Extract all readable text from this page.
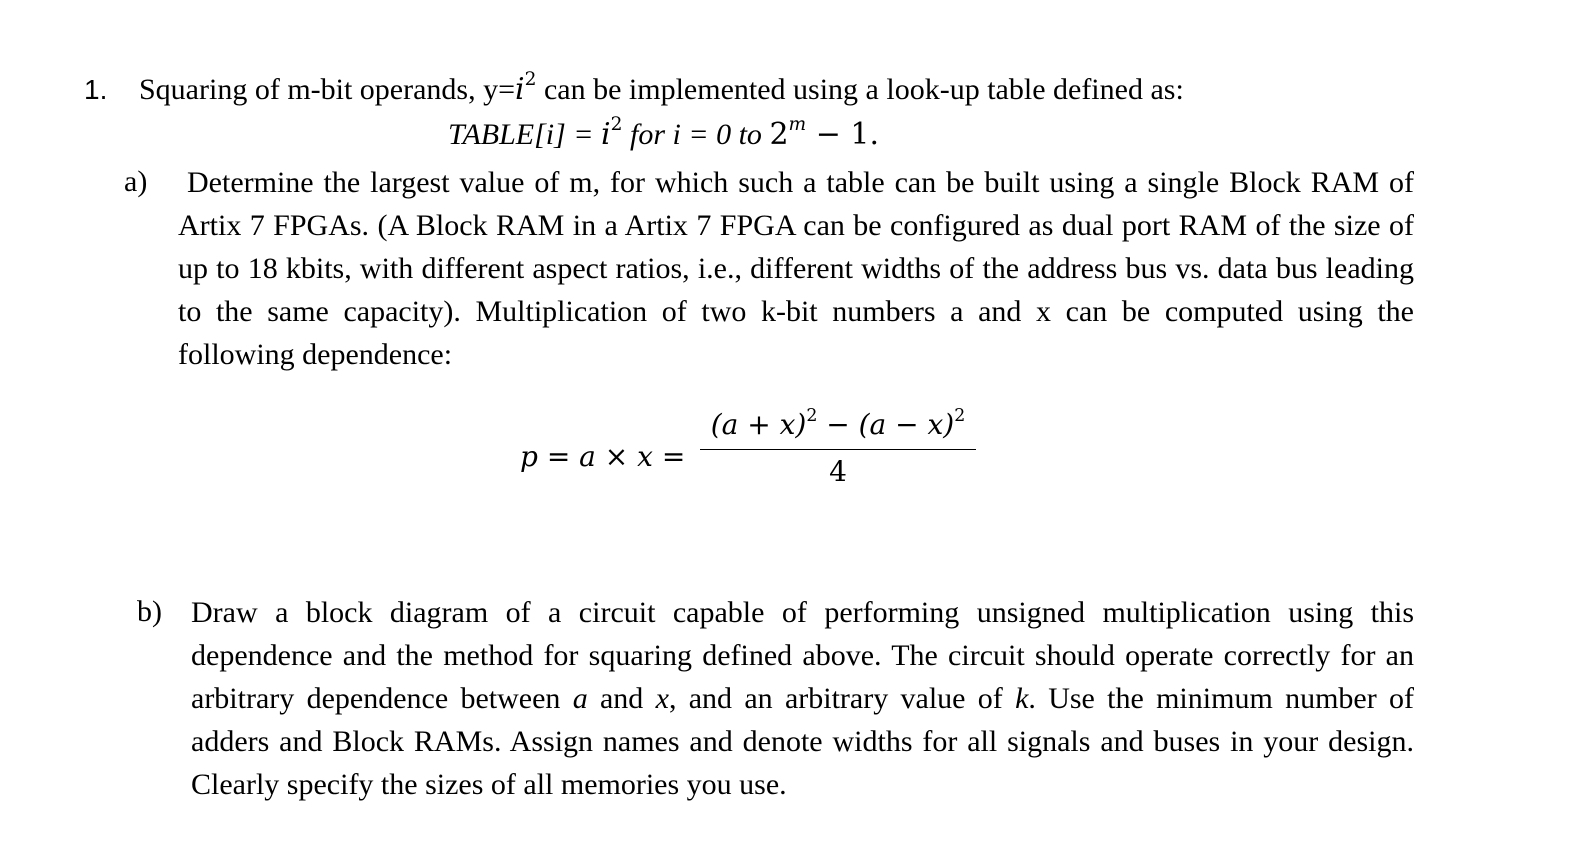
1. Squaring of m-bit operands, $y=i^2$ can be implemented using a look-up table defined as:
TABLE[i] = $i^2$ for i = 0 to $2^m - 1$.
a)	Determine the largest value of m, for which such a table can be built using a single Block RAM of Artix 7 FPGAs. (A Block RAM in a Artix 7 FPGA can be configured as dual port RAM of the size of up to 18 kbits, with different aspect ratios, i.e., different widths of the address bus vs. data bus leading to the same capacity). Multiplication of two k-bit numbers a and x can be computed using the following dependence:
p = a × x =
$(a + x)^2 - (a - x)^2$
4
b) Draw a block diagram of a circuit capable of performing unsigned multiplication using this dependence and the method for squaring defined above. The circuit should operate correctly for an arbitrary dependence between a and x, and an arbitrary value of k. Use the minimum number of adders and Block RAMs. Assign names and denote widths for all signals and buses in your design. Clearly specify the sizes of all memories you use.
